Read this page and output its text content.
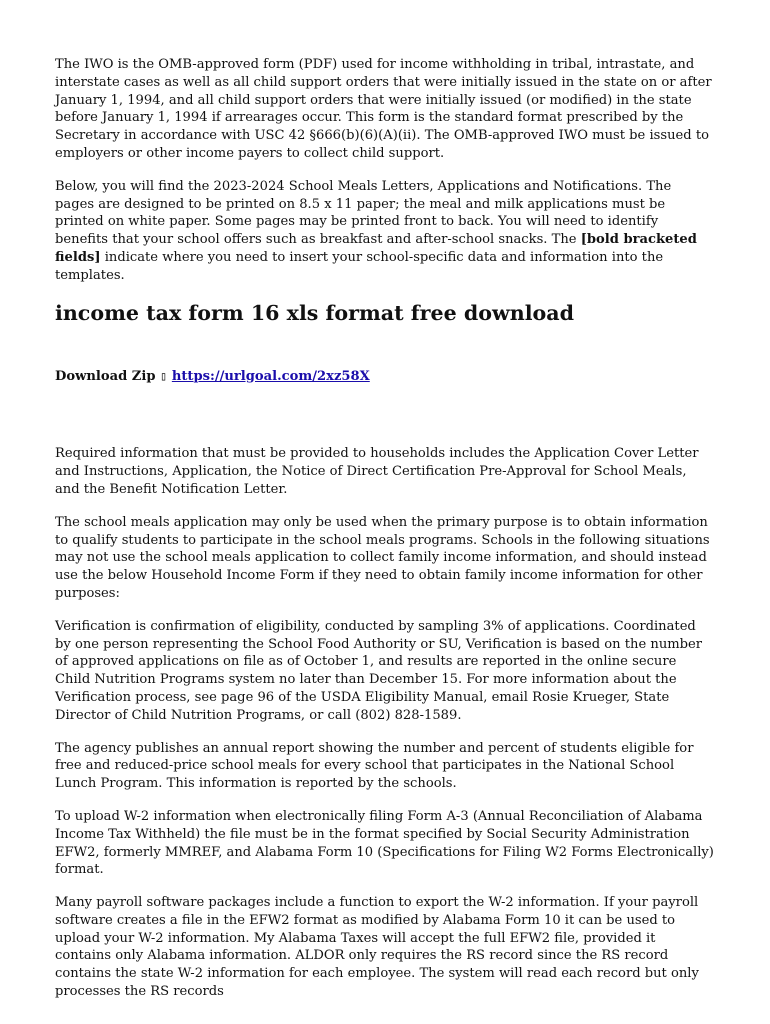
The IWO is the OMB-approved form (PDF) used for income withholding in tribal, intrastate, and interstate cases as well as all child support orders that were initially issued in the state on or after January 1, 1994, and all child support orders that were initially issued (or modified) in the state before January 1, 1994 if arrearages occur. This form is the standard format prescribed by the Secretary in accordance with USC 42 §666(b)(6)(A)(ii). The OMB-approved IWO must be issued to employers or other income payers to collect child support.

Below, you will find the 2023-2024 School Meals Letters, Applications and Notifications. The pages are designed to be printed on 8.5 x 11 paper; the meal and milk applications must be printed on white paper. Some pages may be printed front to back. You will need to identify benefits that your school offers such as breakfast and after-school snacks. The [bold bracketed fields] indicate where you need to insert your school-specific data and information into the templates.

income tax form 16 xls format free download

Download Zip ▯ https://urlgoal.com/2xz58X

Required information that must be provided to households includes the Application Cover Letter and Instructions, Application, the Notice of Direct Certification Pre-Approval for School Meals, and the Benefit Notification Letter.

The school meals application may only be used when the primary purpose is to obtain information to qualify students to participate in the school meals programs. Schools in the following situations may not use the school meals application to collect family income information, and should instead use the below Household Income Form if they need to obtain family income information for other purposes:

Verification is confirmation of eligibility, conducted by sampling 3% of applications. Coordinated by one person representing the School Food Authority or SU, Verification is based on the number of approved applications on file as of October 1, and results are reported in the online secure Child Nutrition Programs system no later than December 15. For more information about the Verification process, see page 96 of the USDA Eligibility Manual, email Rosie Krueger, State Director of Child Nutrition Programs, or call (802) 828-1589.

The agency publishes an annual report showing the number and percent of students eligible for free and reduced-price school meals for every school that participates in the National School Lunch Program. This information is reported by the schools.

To upload W-2 information when electronically filing Form A-3 (Annual Reconciliation of Alabama Income Tax Withheld) the file must be in the format specified by Social Security Administration EFW2, formerly MMREF, and Alabama Form 10 (Specifications for Filing W2 Forms Electronically) format.

Many payroll software packages include a function to export the W-2 information. If your payroll software creates a file in the EFW2 format as modified by Alabama Form 10 it can be used to upload your W-2 information. My Alabama Taxes will accept the full EFW2 file, provided it contains only Alabama information. ALDOR only requires the RS record since the RS record contains the state W-2 information for each employee. The system will read each record but only processes the RS records
